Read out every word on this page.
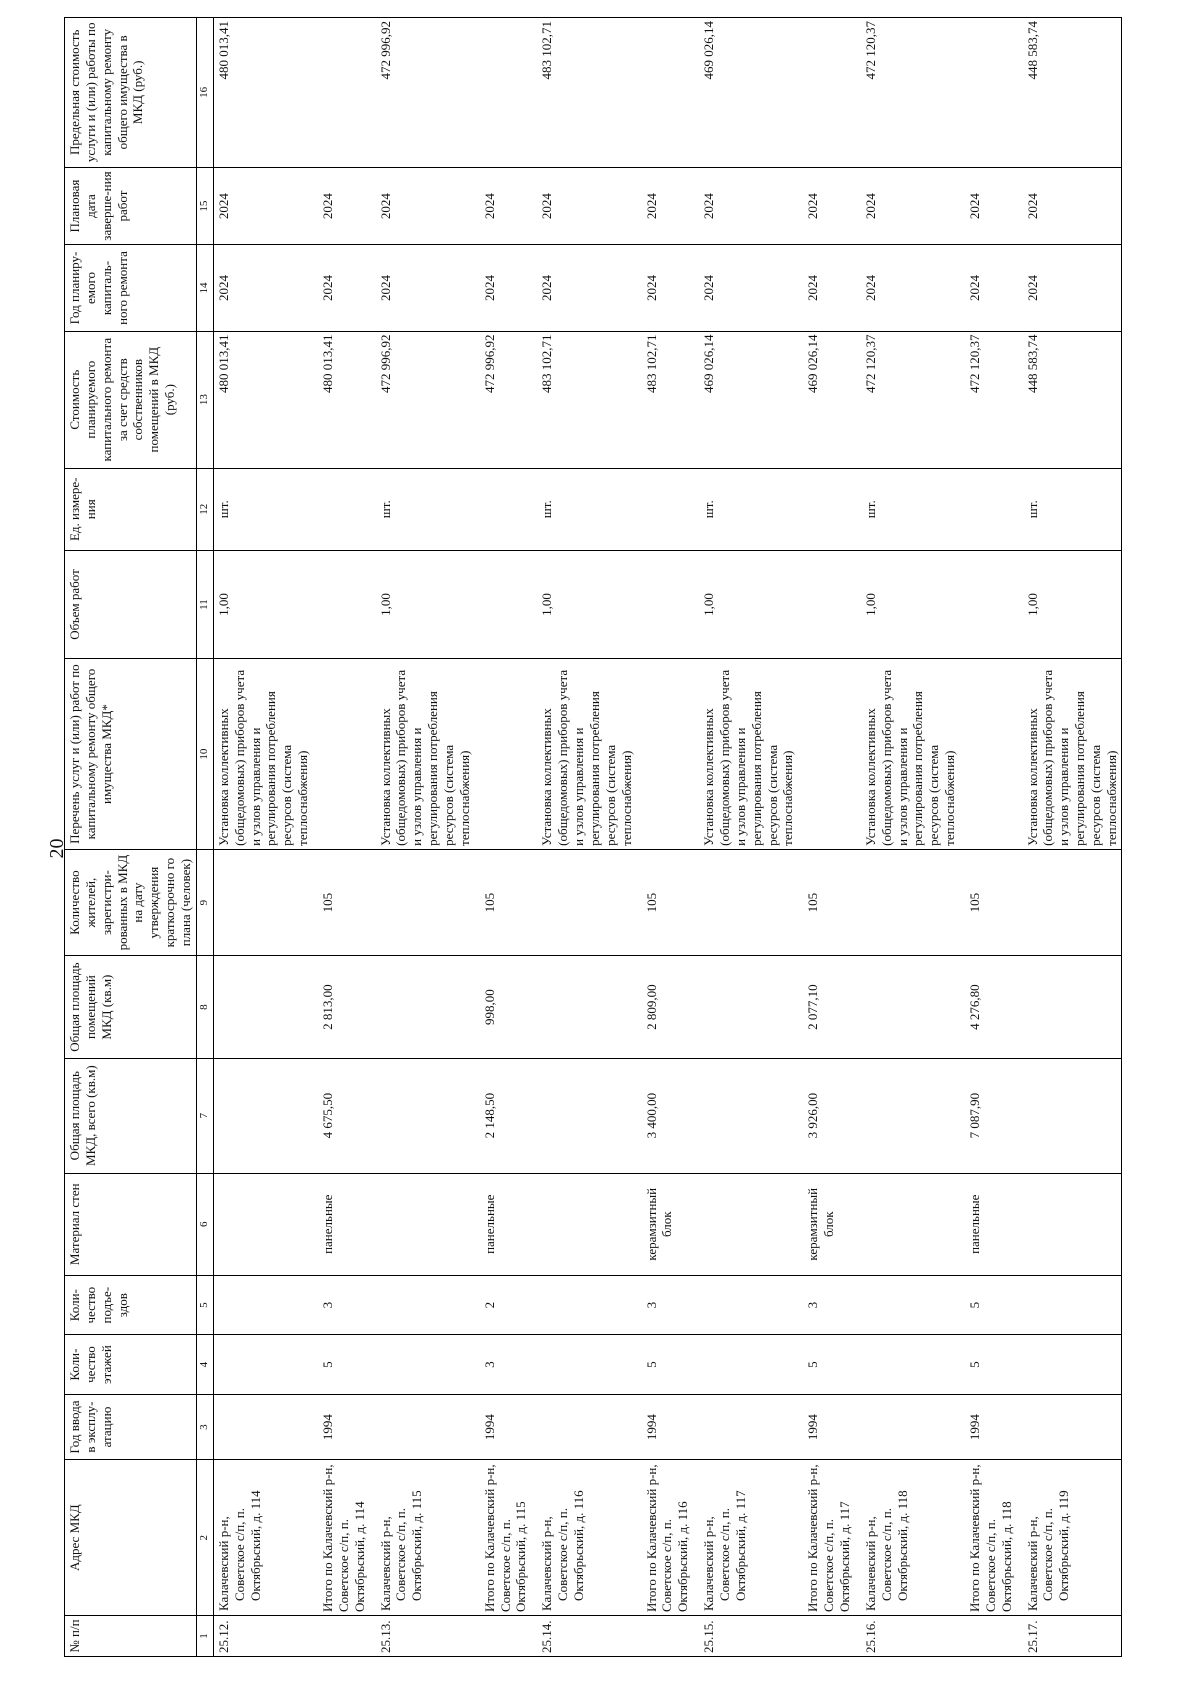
20
№ п/п	Адрес МКД	Год ввода в эксплу-атацию	Коли-чество этажей	Коли-чество подъе-здов	Материал стен	Общая площадь МКД, всего (кв.м)	Общая площадь помещений МКД (кв.м)	Количество жителей, зарегистри-рованных в МКД на дату утверждения краткосрочно го плана (человек)	Перечень услуг и (или) работ по капитальному ремонту общего имущества МКД*	Объем работ	Ед. измере-ния	Стоимость планируемого капитального ремонта за счет средств собственников помещений в МКД (руб.)	Год планиру-емого капиталь-ного ремонта	Плановая дата заверше-ния работ	Предельная стоимость услуги и (или) работы по капитальному ремонту общего имущества в МКД (руб.)
1	2	3	4	5	6	7	8	9	10	11	12	13	14	15	16
25.12.	Калачевский р-н, Советское с/п, п. Октябрьский, д. 114								Установка коллективных (общедомовых) приборов учета и узлов управления и регулирования потребления ресурсов (система теплоснабжения)	1,00	шт.	480 013,41	2024	2024	480 013,41
	Итого по Калачевский р-н, Советское с/п, п. Октябрьский, д. 114	1994	5	3	панельные	4 675,50	2 813,00	105				480 013,41	2024	2024	
25.13.	Калачевский р-н, Советское с/п, п. Октябрьский, д. 115								Установка коллективных (общедомовых) приборов учета и узлов управления и регулирования потребления ресурсов (система теплоснабжения)	1,00	шт.	472 996,92	2024	2024	472 996,92
	Итого по Калачевский р-н, Советское с/п, п. Октябрьский, д. 115	1994	3	2	панельные	2 148,50	998,00	105				472 996,92	2024	2024	
25.14.	Калачевский р-н, Советское с/п, п. Октябрьский, д. 116								Установка коллективных (общедомовых) приборов учета и узлов управления и регулирования потребления ресурсов (система теплоснабжения)	1,00	шт.	483 102,71	2024	2024	483 102,71
	Итого по Калачевский р-н, Советское с/п, п. Октябрьский, д. 116	1994	5	3	керамзитный блок	3 400,00	2 809,00	105				483 102,71	2024	2024	
25.15.	Калачевский р-н, Советское с/п, п. Октябрьский, д. 117								Установка коллективных (общедомовых) приборов учета и узлов управления и регулирования потребления ресурсов (система теплоснабжения)	1,00	шт.	469 026,14	2024	2024	469 026,14
	Итого по Калачевский р-н, Советское с/п, п. Октябрьский, д. 117	1994	5	3	керамзитный блок	3 926,00	2 077,10	105				469 026,14	2024	2024	
25.16.	Калачевский р-н, Советское с/п, п. Октябрьский, д. 118								Установка коллективных (общедомовых) приборов учета и узлов управления и регулирования потребления ресурсов (система теплоснабжения)	1,00	шт.	472 120,37	2024	2024	472 120,37
	Итого по Калачевский р-н, Советское с/п, п. Октябрьский, д. 118	1994	5	5	панельные	7 087,90	4 276,80	105				472 120,37	2024	2024	
25.17.	Калачевский р-н, Советское с/п, п. Октябрьский, д. 119								Установка коллективных (общедомовых) приборов учета и узлов управления и регулирования потребления ресурсов (система теплоснабжения)	1,00	шт.	448 583,74	2024	2024	448 583,74
